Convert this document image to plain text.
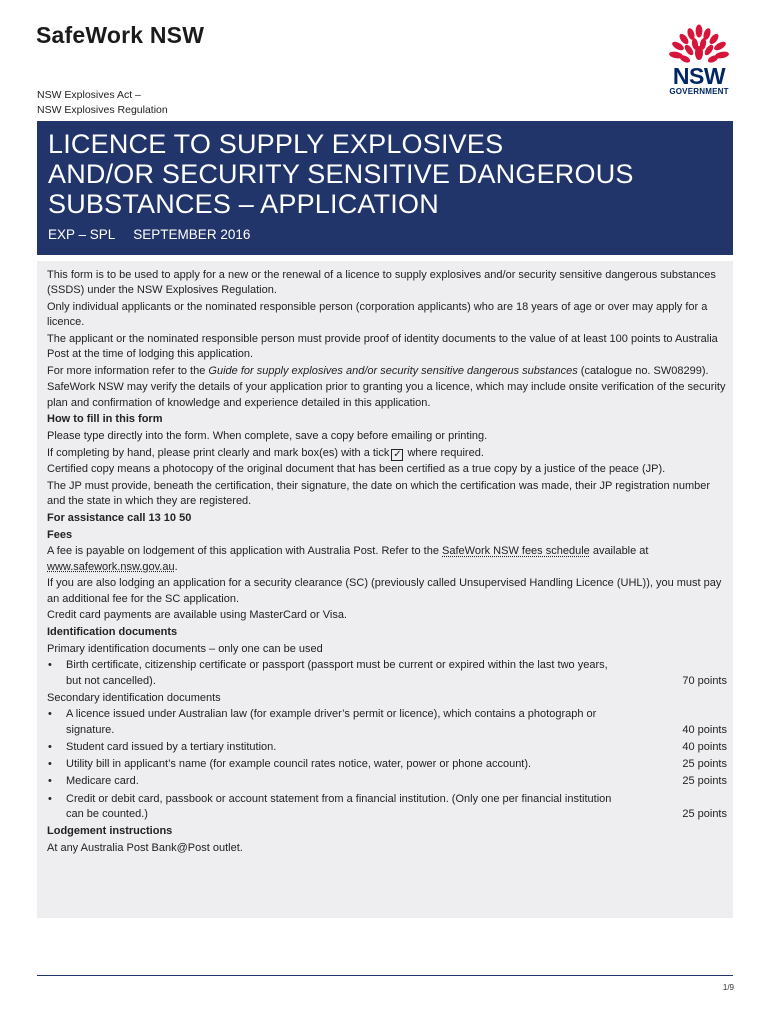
SafeWork NSW
NSW
GOVERNMENT
NSW Explosives Act –
NSW Explosives Regulation
LICENCE TO SUPPLY EXPLOSIVES
AND/OR SECURITY SENSITIVE DANGEROUS
SUBSTANCES – APPLICATION
EXP – SPL SEPTEMBER 2016

This form is to be used to apply for a new or the renewal of a licence to supply explosives and/or security sensitive dangerous substances (SSDS) under the NSW Explosives Regulation.

Only individual applicants or the nominated responsible person (corporation applicants) who are 18 years of age or over may apply for a licence.

The applicant or the nominated responsible person must provide proof of identity documents to the value of at least 100 points to Australia Post at the time of lodging this application.

For more information refer to the Guide for supply explosives and/or security sensitive dangerous substances (catalogue no. SW08299).

SafeWork NSW may verify the details of your application prior to granting you a licence, which may include onsite verification of the security plan and confirmation of knowledge and experience detailed in this application.

How to fill in this form

Please type directly into the form. When complete, save a copy before emailing or printing.

If completing by hand, please print clearly and mark box(es) with a tick ✓ where required.

Certified copy means a photocopy of the original document that has been certified as a true copy by a justice of the peace (JP).

The JP must provide, beneath the certification, their signature, the date on which the certification was made, their JP registration number and the state in which they are registered.

For assistance call 13 10 50
Fees

A fee is payable on lodgement of this application with Australia Post. Refer to the SafeWork NSW fees schedule available at www.safework.nsw.gov.au.

If you are also lodging an application for a security clearance (SC) (previously called Unsupervised Handling Licence (UHL)), you must pay an additional fee for the SC application.

Credit card payments are available using MasterCard or Visa.

Identification documents
Primary identification documents – only one can be used
• Birth certificate, citizenship certificate or passport (passport must be current or expired within the last two years, but not cancelled).	70 points
Secondary identification documents
• A licence issued under Australian law (for example driver’s permit or licence), which contains a photograph or signature.	40 points
• Student card issued by a tertiary institution.	40 points
• Utility bill in applicant’s name (for example council rates notice, water, power or phone account).	25 points
• Medicare card.	25 points
• Credit or debit card, passbook or account statement from a financial institution. (Only one per financial institution can be counted.)	25 points
Lodgement instructions

At any Australia Post Bank@Post outlet.

1/9
